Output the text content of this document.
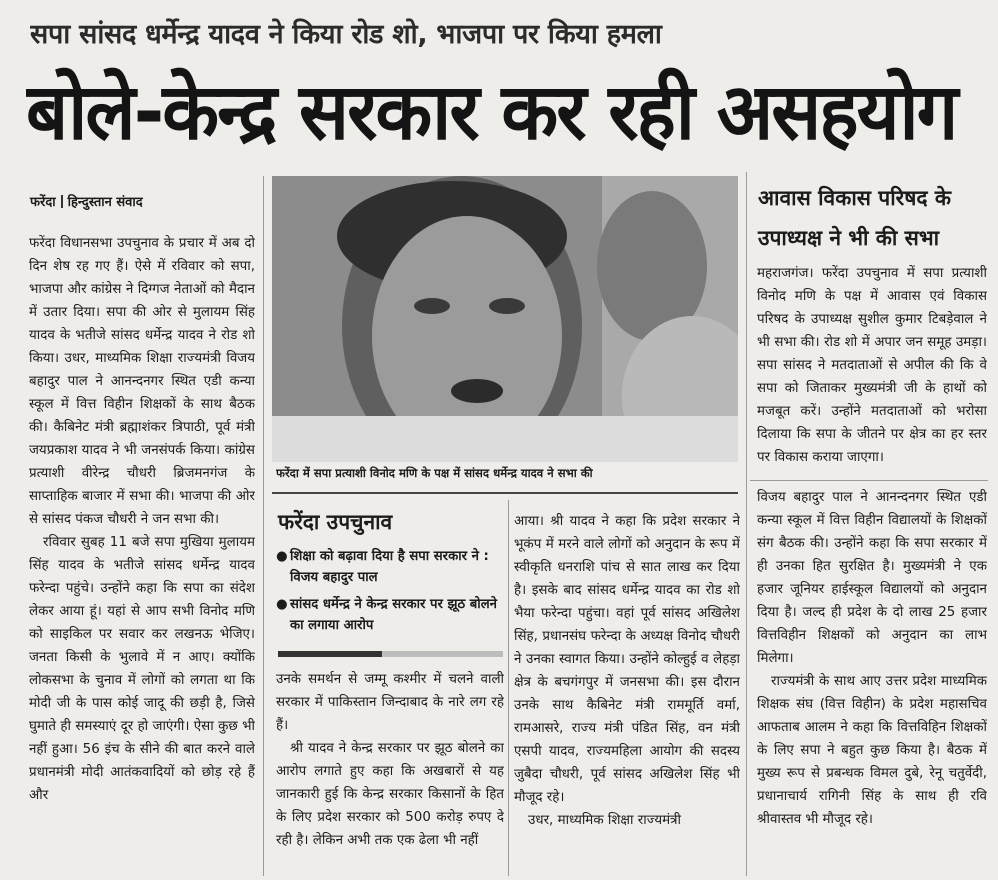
सपा सांसद धर्मेन्द्र यादव ने किया रोड शो, भाजपा पर किया हमला
बोले-केन्द्र सरकार कर रही असहयोग
फरेंदा हिन्दुस्तान संवाद

फरेंदा विधानसभा उपचुनाव के प्रचार में अब दो दिन शेष रह गए हैं। ऐसे में रविवार को सपा, भाजपा और कांग्रेस ने दिग्गज नेताओं को मैदान में उतार दिया। सपा की ओर से मुलायम सिंह यादव के भतीजे सांसद धर्मेन्द्र यादव ने रोड शो किया। उधर, माध्यमिक शिक्षा राज्यमंत्री विजय बहादुर पाल ने आनन्दनगर स्थित एडी कन्या स्कूल में वित्त विहीन शिक्षकों के साथ बैठक की। कैबिनेट मंत्री ब्रह्माशंकर त्रिपाठी, पूर्व मंत्री जयप्रकाश यादव ने भी जनसंपर्क किया। कांग्रेस प्रत्याशी वीरेन्द्र चौधरी ब्रिजमनगंज के साप्ताहिक बाजार में सभा की। भाजपा की ओर से सांसद पंकज चौधरी ने जन सभा की।

रविवार सुबह 11 बजे सपा मुखिया मुलायम सिंह यादव के भतीजे सांसद धर्मेन्द्र यादव फरेन्दा पहुंचे। उन्होंने कहा कि सपा का संदेश लेकर आया हूं। यहां से आप सभी विनोद मणि को साइकिल पर सवार कर लखनऊ भेजिए। जनता किसी के भुलावे में न आए। क्योंकि लोकसभा के चुनाव में लोगों को लगता था कि मोदी जी के पास कोई जादू की छड़ी है, जिसे घुमाते ही समस्याएं दूर हो जाएंगी। ऐसा कुछ भी नहीं हुआ। 56 इंच के सीने की बात करने वाले प्रधानमंत्री मोदी आतंकवादियों को छोड़ रहे हैं और

फरेंदा में सपा प्रत्याशी विनोद मणि के पक्ष में सांसद धर्मेन्द्र यादव ने सभा की
फरेंदा उपचुनाव
● शिक्षा को बढ़ावा दिया है सपा सरकार ने : विजय बहादुर पाल
● सांसद धर्मेन्द्र ने केन्द्र सरकार पर झूठ बोलने का लगाया आरोप

उनके समर्थन से जम्मू कश्मीर में चलने वाली सरकार में पाकिस्तान जिन्दाबाद के नारे लग रहे हैं।

श्री यादव ने केन्द्र सरकार पर झूठ बोलने का आरोप लगाते हुए कहा कि अखबारों से यह जानकारी हुई कि केन्द्र सरकार किसानों के हित के लिए प्रदेश सरकार को 500 करोड़ रुपए दे रही है। लेकिन अभी तक एक ढेला भी नहीं

आया। श्री यादव ने कहा कि प्रदेश सरकार ने भूकंप में मरने वाले लोगों को अनुदान के रूप में स्वीकृति धनराशि पांच से सात लाख कर दिया है। इसके बाद सांसद धर्मेन्द्र यादव का रोड शो भैया फरेन्दा पहुंचा। वहां पूर्व सांसद अखिलेश सिंह, प्रधानसंघ फरेन्दा के अध्यक्ष विनोद चौधरी ने उनका स्वागत किया। उन्होंने कोल्हुई व लेहड़ा क्षेत्र के बचगंगपुर में जनसभा की। इस दौरान उनके साथ कैबिनेट मंत्री राममूर्ति वर्मा, रामआसरे, राज्य मंत्री पंडित सिंह, वन मंत्री एसपी यादव, राज्यमहिला आयोग की सदस्य जुबैदा चौधरी, पूर्व सांसद अखिलेश सिंह भी मौजूद रहे।

उधर, माध्यमिक शिक्षा राज्यमंत्री

आवास विकास परिषद के उपाध्यक्ष ने भी की सभा

महराजगंज। फरेंदा उपचुनाव में सपा प्रत्याशी विनोद मणि के पक्ष में आवास एवं विकास परिषद के उपाध्यक्ष सुशील कुमार टिबड़ेवाल ने भी सभा की। रोड शो में अपार जन समूह उमड़ा। सपा सांसद ने मतदाताओं से अपील की कि वे सपा को जिताकर मुख्यमंत्री जी के हाथों को मजबूत करें। उन्होंने मतदाताओं को भरोसा दिलाया कि सपा के जीतने पर क्षेत्र का हर स्तर पर विकास कराया जाएगा।

विजय बहादुर पाल ने आनन्दनगर स्थित एडी कन्या स्कूल में वित्त विहीन विद्यालयों के शिक्षकों संग बैठक की। उन्होंने कहा कि सपा सरकार में ही उनका हित सुरक्षित है। मुख्यमंत्री ने एक हजार जूनियर हाईस्कूल विद्यालयों को अनुदान दिया है। जल्द ही प्रदेश के दो लाख 25 हजार वित्तविहीन शिक्षकों को अनुदान का लाभ मिलेगा।

राज्यमंत्री के साथ आए उत्तर प्रदेश माध्यमिक शिक्षक संघ (वित्त विहीन) के प्रदेश महासचिव आफताब आलम ने कहा कि वित्तविहिन शिक्षकों के लिए सपा ने बहुत कुछ किया है। बैठक में मुख्य रूप से प्रबन्धक विमल दुबे, रेनू चतुर्वेदी, प्रधानाचार्य रागिनी सिंह के साथ ही रवि श्रीवास्तव भी मौजूद रहे।
